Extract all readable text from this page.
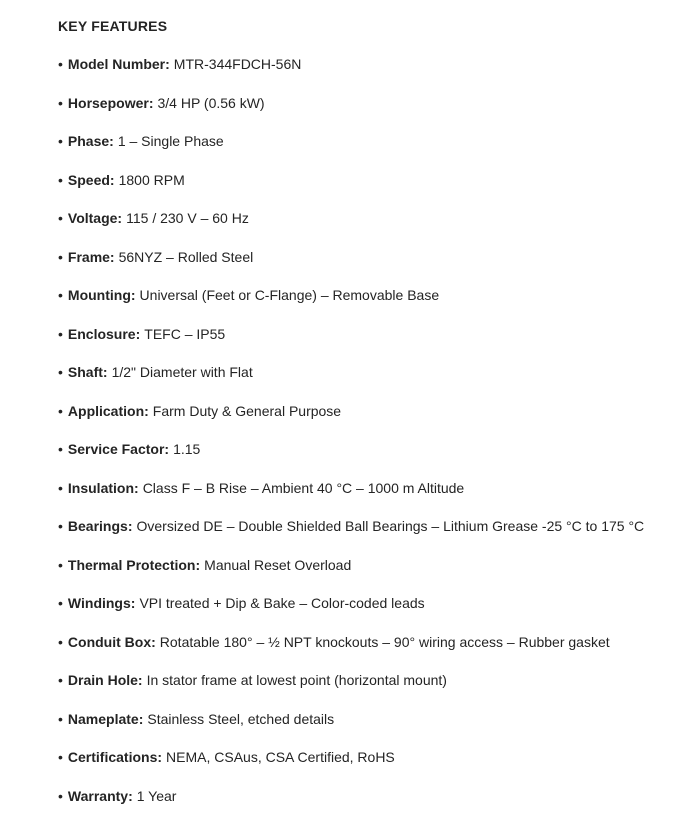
KEY FEATURES
• Model Number: MTR-344FDCH-56N
• Horsepower: 3/4 HP (0.56 kW)
• Phase: 1 – Single Phase
• Speed: 1800 RPM
• Voltage: 115 / 230 V – 60 Hz
• Frame: 56NYZ – Rolled Steel
• Mounting: Universal (Feet or C-Flange) – Removable Base
• Enclosure: TEFC – IP55
• Shaft: 1/2" Diameter with Flat
• Application: Farm Duty & General Purpose
• Service Factor: 1.15
• Insulation: Class F – B Rise – Ambient 40 °C – 1000 m Altitude
• Bearings: Oversized DE – Double Shielded Ball Bearings – Lithium Grease -25 °C to 175 °C
• Thermal Protection: Manual Reset Overload
• Windings: VPI treated + Dip & Bake – Color-coded leads
• Conduit Box: Rotatable 180° – ½ NPT knockouts – 90° wiring access – Rubber gasket
• Drain Hole: In stator frame at lowest point (horizontal mount)
• Nameplate: Stainless Steel, etched details
• Certifications: NEMA, CSAus, CSA Certified, RoHS
• Warranty: 1 Year
